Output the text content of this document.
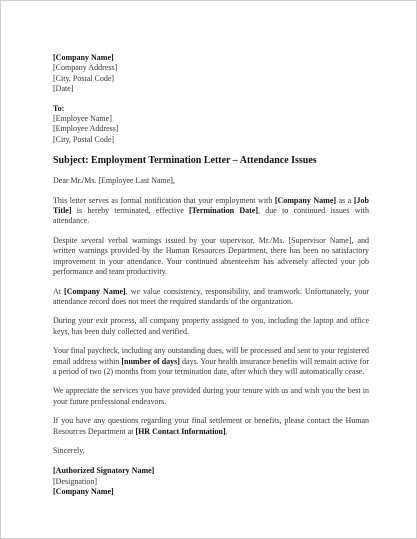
[Company Name]
[Company Address]
[City, Postal Code]
[Date]
To:
[Employee Name]
[Employee Address]
[City, Postal Code]
Subject: Employment Termination Letter – Attendance Issues

Dear Mr./Ms. [Employee Last Name],

This letter serves as formal notification that your employment with [Company Name] as a [Job Title] is hereby terminated, effective [Termination Date], due to continued issues with attendance.

Despite several verbal warnings issued by your supervisor, Mr./Ms. [Supervisor Name], and written warnings provided by the Human Resources Department, there has been no satisfactory improvement in your attendance. Your continued absenteeism has adversely affected your job performance and team productivity.

At [Company Name], we value consistency, responsibility, and teamwork. Unfortunately, your attendance record does not meet the required standards of the organization.

During your exit process, all company property assigned to you, including the laptop and office keys, has been duly collected and verified.

Your final paycheck, including any outstanding dues, will be processed and sent to your registered email address within [number of days] days. Your health insurance benefits will remain active for a period of two (2) months from your termination date, after which they will automatically cease.

We appreciate the services you have provided during your tenure with us and wish you the best in your future professional endeavors.

If you have any questions regarding your final settlement or benefits, please contact the Human Resources Department at [HR Contact Information].

Sincerely,

[Authorized Signatory Name]
[Designation]
[Company Name]
